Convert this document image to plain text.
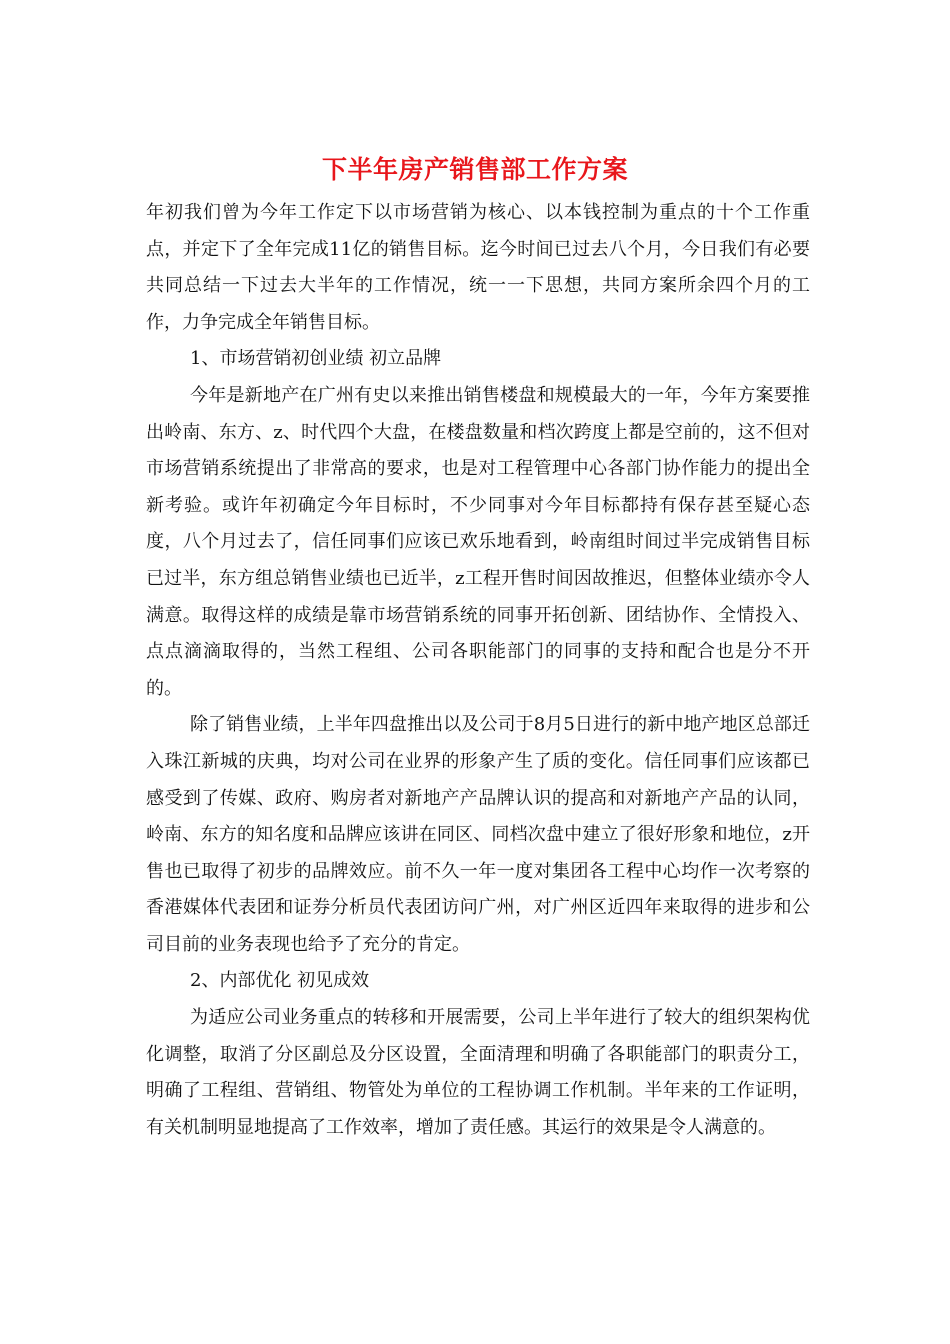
下半年房产销售部工作方案

年初我们曾为今年工作定下以市场营销为核心、以本钱控制为重点的十个工作重点，并定下了全年完成11亿的销售目标。迄今时间已过去八个月，今日我们有必要共同总结一下过去大半年的工作情况，统一一下思想，共同方案所余四个月的工作，力争完成全年销售目标。

1、市场营销初创业绩 初立品牌

今年是新地产在广州有史以来推出销售楼盘和规模最大的一年，今年方案要推出岭南、东方、z、时代四个大盘，在楼盘数量和档次跨度上都是空前的，这不但对市场营销系统提出了非常高的要求，也是对工程管理中心各部门协作能力的提出全新考验。或许年初确定今年目标时，不少同事对今年目标都持有保存甚至疑心态度，八个月过去了，信任同事们应该已欢乐地看到，岭南组时间过半完成销售目标已过半，东方组总销售业绩也已近半，z工程开售时间因故推迟，但整体业绩亦令人满意。取得这样的成绩是靠市场营销系统的同事开拓创新、团结协作、全情投入、点点滴滴取得的，当然工程组、公司各职能部门的同事的支持和配合也是分不开的。

除了销售业绩，上半年四盘推出以及公司于8月5日进行的新中地产地区总部迁入珠江新城的庆典，均对公司在业界的形象产生了质的变化。信任同事们应该都已感受到了传媒、政府、购房者对新地产产品牌认识的提高和对新地产产品的认同，岭南、东方的知名度和品牌应该讲在同区、同档次盘中建立了很好形象和地位，z开售也已取得了初步的品牌效应。前不久一年一度对集团各工程中心均作一次考察的香港媒体代表团和证券分析员代表团访问广州，对广州区近四年来取得的进步和公司目前的业务表现也给予了充分的肯定。

2、内部优化 初见成效

为适应公司业务重点的转移和开展需要，公司上半年进行了较大的组织架构优化调整，取消了分区副总及分区设置，全面清理和明确了各职能部门的职责分工，明确了工程组、营销组、物管处为单位的工程协调工作机制。半年来的工作证明，有关机制明显地提高了工作效率，增加了责任感。其运行的效果是令人满意的。
